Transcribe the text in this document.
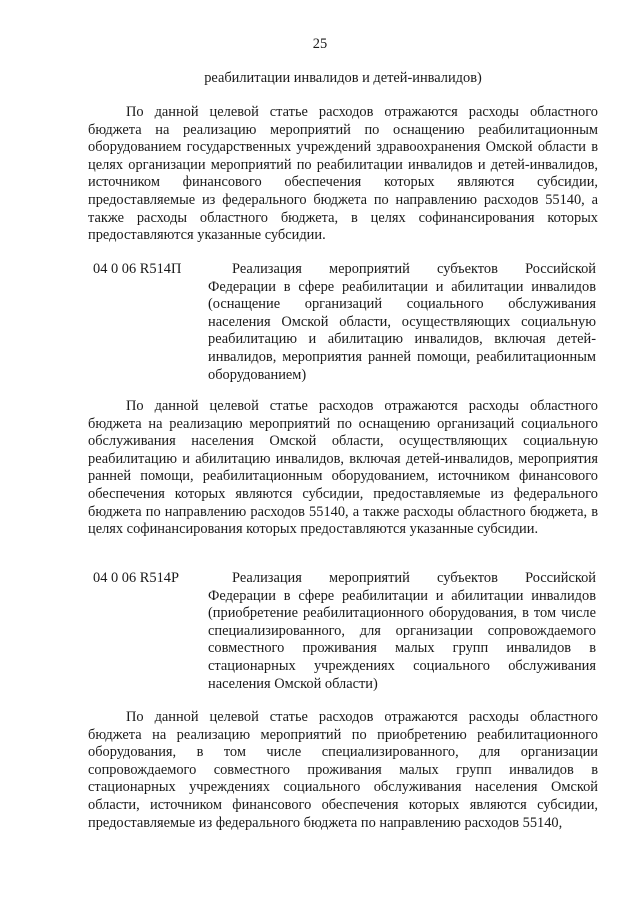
25
реабилитации инвалидов и детей-инвалидов)

По данной целевой статье расходов отражаются расходы областного бюджета на реализацию мероприятий по оснащению реабилитационным оборудованием государственных учреждений здравоохранения Омской области в целях организации мероприятий по реабилитации инвалидов и детей-инвалидов, источником финансового обеспечения которых являются субсидии, предоставляемые из федерального бюджета по направлению расходов 55140, а также расходы областного бюджета, в целях софинансирования которых предоставляются указанные субсидии.

04 0 06 R514П	Реализация мероприятий субъектов Российской Федерации в сфере реабилитации и абилитации инвалидов (оснащение организаций социального обслуживания населения Омской области, осуществляющих социальную реабилитацию и абилитацию инвалидов, включая детей-инвалидов, мероприятия ранней помощи, реабилитационным оборудованием)

По данной целевой статье расходов отражаются расходы областного бюджета на реализацию мероприятий по оснащению организаций социального обслуживания населения Омской области, осуществляющих социальную реабилитацию и абилитацию инвалидов, включая детей-инвалидов, мероприятия ранней помощи, реабилитационным оборудованием, источником финансового обеспечения которых являются субсидии, предоставляемые из федерального бюджета по направлению расходов 55140, а также расходы областного бюджета, в целях софинансирования которых предоставляются указанные субсидии.

04 0 06 R514Р	Реализация мероприятий субъектов Российской Федерации в сфере реабилитации и абилитации инвалидов (приобретение реабилитационного оборудования, в том числе специализированного, для организации сопровождаемого совместного проживания малых групп инвалидов в стационарных учреждениях социального обслуживания населения Омской области)

По данной целевой статье расходов отражаются расходы областного бюджета на реализацию мероприятий по приобретению реабилитационного оборудования, в том числе специализированного, для организации сопровождаемого совместного проживания малых групп инвалидов в стационарных учреждениях социального обслуживания населения Омской области, источником финансового обеспечения которых являются субсидии, предоставляемые из федерального бюджета по направлению расходов 55140,
